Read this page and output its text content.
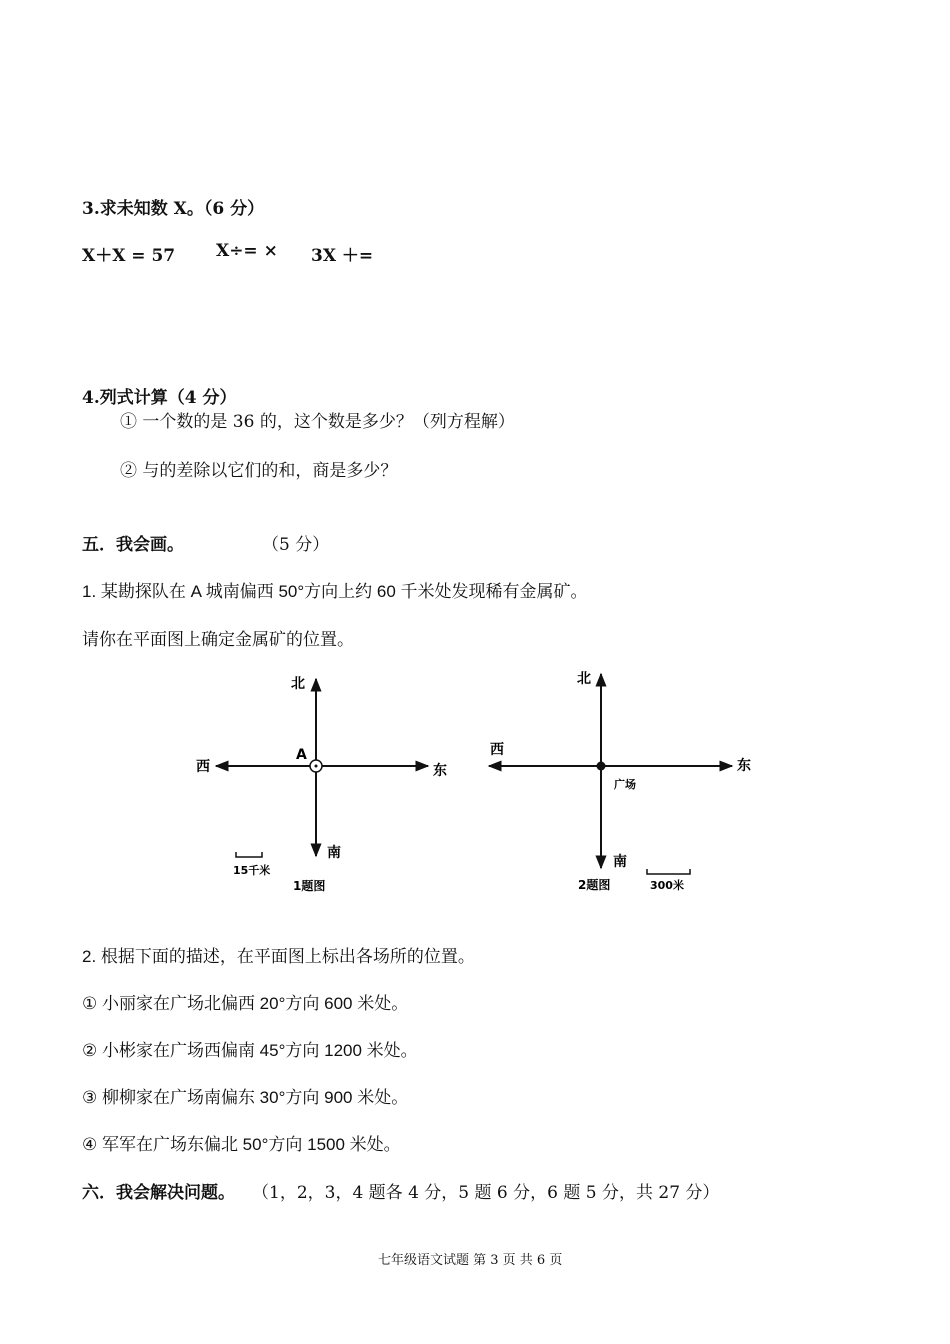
3.求未知数 X。（6 分）
X＋X = 57 X÷= × 3X ＋=
4.列式计算（4 分）
① 一个数的是 36 的，这个数是多少？（列方程解）
② 与的差除以它们的和，商是多少？
五．我会画。	（5 分）
1. 某勘探队在 A 城南偏西 50°方向上约 60 千米处发现稀有金属矿。
请你在平面图上确定金属矿的位置。
北
西	东
南
A
15千米
1题图
北
西
东
南
广场
300米
2题图
2. 根据下面的描述，在平面图上标出各场所的位置。
① 小丽家在广场北偏西 20°方向 600 米处。
② 小彬家在广场西偏南 45°方向 1200 米处。
③ 柳柳家在广场南偏东 30°方向 900 米处。
④ 军军在广场东偏北 50°方向 1500 米处。
六．我会解决问题。 （1，2，3，4 题各 4 分，5 题 6 分，6 题 5 分，共 27 分）
七年级语文试题 第 3 页 共 6 页
